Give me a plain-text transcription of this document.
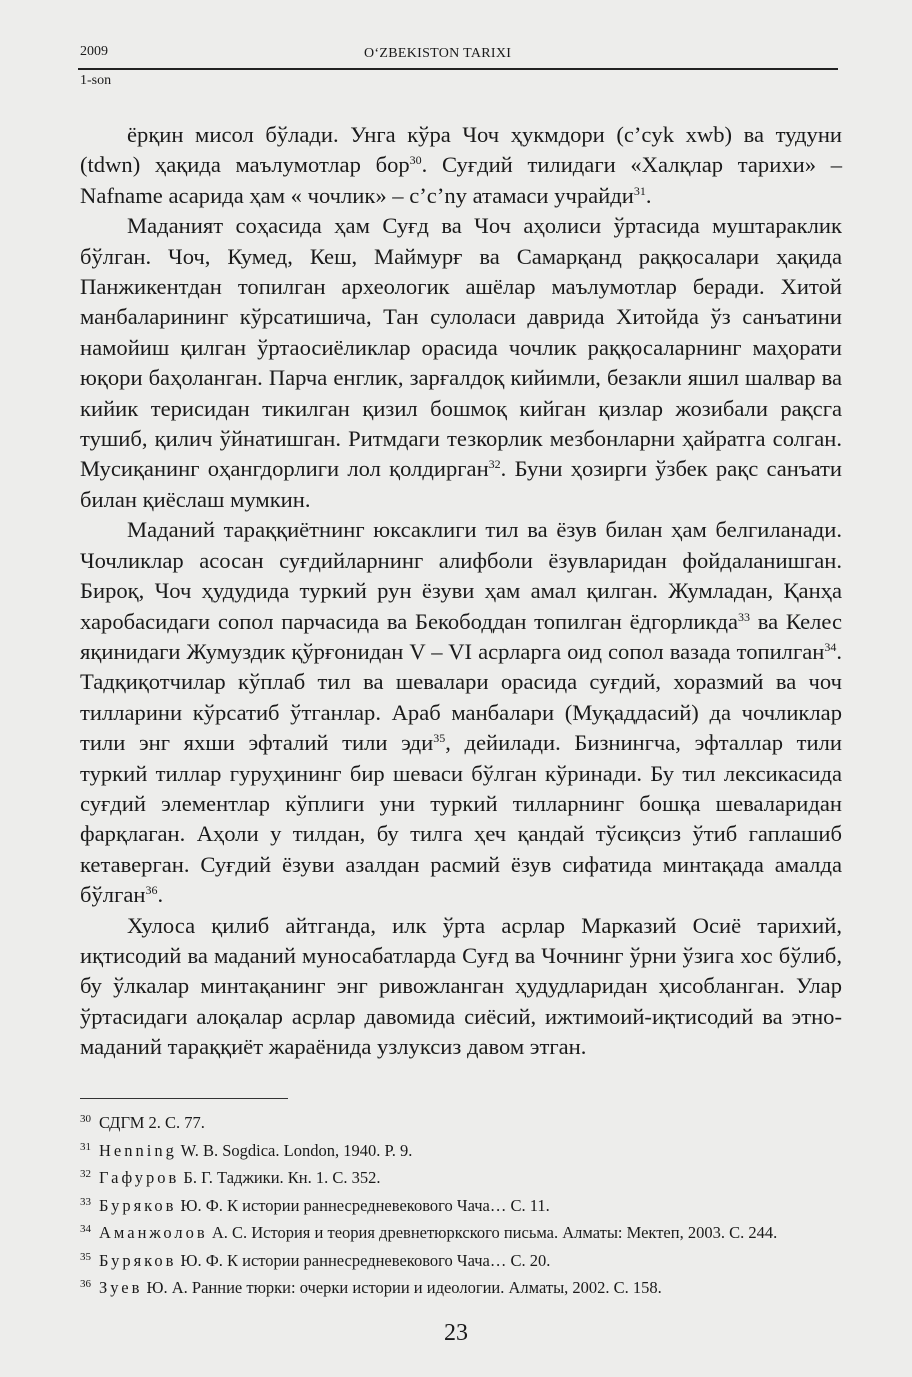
2009	O‘ZBEKISTON TARIXI
1-son

ёрқин мисол бўлади. Унга кўра Чоч ҳукмдори (c’cyk xwb) ва тудуни (tdwn) ҳақида маълумотлар бор$^{30}$. Суғдий тилидаги «Халқлар тарихи» – Nafname асарида ҳам « чочлик» – c’c’ny атамаси учрайди$^{31}$.

Маданият соҳасида ҳам Суғд ва Чоч аҳолиси ўртасида муштараклик бўлган. Чоч, Кумед, Кеш, Маймурғ ва Самарқанд раққосалари ҳақида Панжикентдан топилган археологик ашёлар маълумотлар беради. Хитой манбаларининг кўрсатишича, Тан сулоласи даврида Хитойда ўз санъатини намойиш қилган ўртаосиёликлар орасида чочлик раққосаларнинг маҳорати юқори баҳоланган. Парча енглик, зарғалдоқ кийимли, безакли яшил шалвар ва кийик терисидан тикилган қизил бошмоқ кийган қизлар жозибали рақсга тушиб, қилич ўйнатишган. Ритмдаги тезкорлик мезбонларни ҳайратга солган. Мусиқанинг оҳангдорлиги лол қолдирган$^{32}$. Буни ҳозирги ўзбек рақс санъати билан қиёслаш мумкин.

Маданий тараққиётнинг юксаклиги тил ва ёзув билан ҳам белгиланади. Чочликлар асосан суғдийларнинг алифболи ёзувларидан фойдаланишган. Бироқ, Чоч ҳудудида туркий рун ёзуви ҳам амал қилган. Жумладан, Қанҳа харобасидаги сопол парчасида ва Бекободдан топилган ёдгорликда$^{33}$ ва Келес яқинидаги Жумуздик қўрғонидан V – VI асрларга оид сопол вазада топилган$^{34}$. Тадқиқотчилар кўплаб тил ва шевалари орасида суғдий, хоразмий ва чоч тилларини кўрсатиб ўтганлар. Араб манбалари (Муқаддасий) да чочликлар тили энг яхши эфталий тили эди$^{35}$, дейилади. Бизнингча, эфталлар тили туркий тиллар гуруҳининг бир шеваси бўлган кўринади. Бу тил лексикасида суғдий элементлар кўплиги уни туркий тилларнинг бошқа шеваларидан фарқлаган. Аҳоли у тилдан, бу тилга ҳеч қандай тўсиқсиз ўтиб гаплашиб кетаверган. Суғдий ёзуви азалдан расмий ёзув сифатида минтақада амалда бўлган$^{36}$.

Хулоса қилиб айтганда, илк ўрта асрлар Марказий Осиё тарихий, иқтисодий ва маданий муносабатларда Суғд ва Чочнинг ўрни ўзига хос бўлиб, бу ўлкалар минтақанинг энг ривожланган ҳудудларидан ҳисобланган. Улар ўртасидаги алоқалар асрлар давомида сиёсий, ижтимоий-иқтисодий ва этно-маданий тараққиёт жараёнида узлуксиз давом этган.

$^{30}$ СДГМ 2. С. 77.
$^{31}$ Henning W. B. Sogdica. London, 1940. P. 9.
$^{32}$ Гафуров Б. Г. Таджики. Кн. 1. С. 352.
$^{33}$ Буряков Ю. Ф. К истории раннесредневекового Чача… С. 11.
$^{34}$ Аманжолов А. С. История и теория древнетюркского письма. Алматы: Мектеп, 2003. С. 244.
$^{35}$ Буряков Ю. Ф. К истории раннесредневекового Чача… С. 20.
$^{36}$ Зуев Ю. А. Ранние тюрки: очерки истории и идеологии. Алматы, 2002. С. 158.
23
